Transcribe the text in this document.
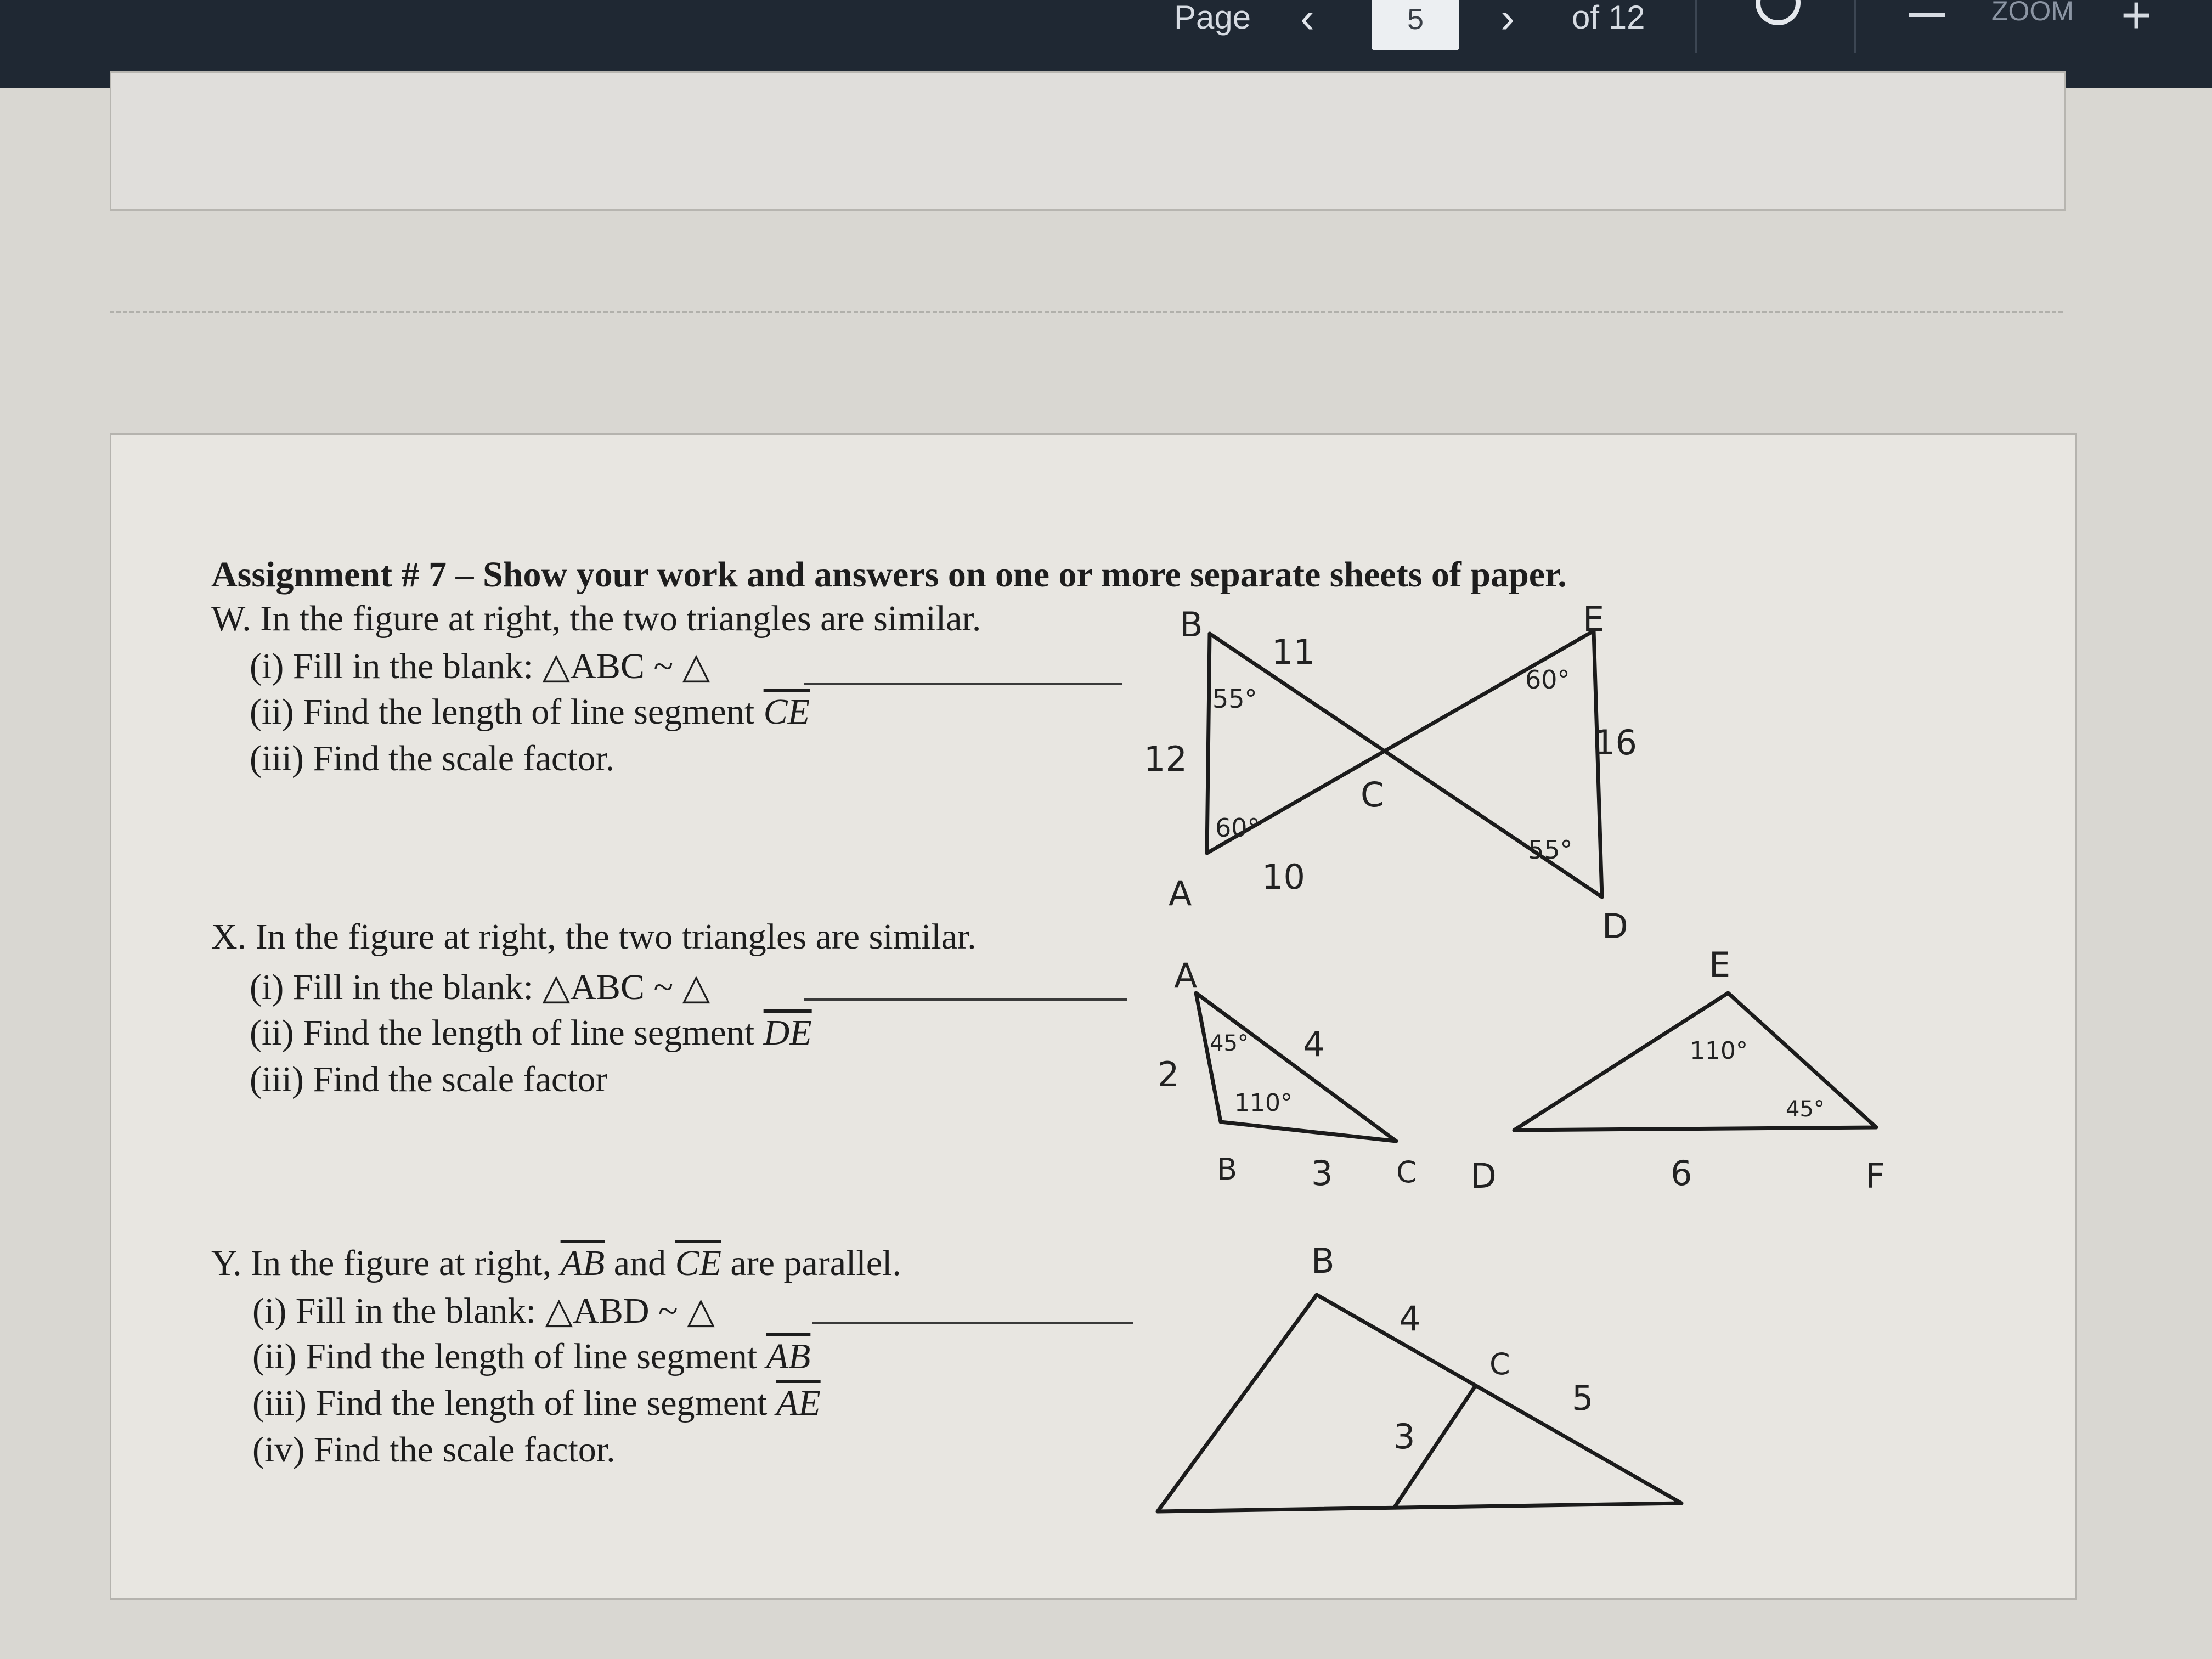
Page ‹	5	› of 12	ZOOM +
Assignment # 7 – Show your work and answers on one or more separate sheets of paper.
W. In the figure at right, the two triangles are similar.
(i) Fill in the blank: △ABC ~ △
(ii) Find the length of line segment $\overline{CE}$
(iii) Find the scale factor.
X. In the figure at right, the two triangles are similar.
(i) Fill in the blank: △ABC ~ △
(ii) Find the length of line segment $\overline{DE}$
(iii) Find the scale factor
Y. In the figure at right, $\overline{AB}$ and $\overline{CE}$ are parallel.
(i) Fill in the blank: △ABD ~ △
(ii) Find the length of line segment $\overline{AB}$
(iii) Find the length of line segment $\overline{AE}$
(iv) Find the scale factor.
B	E
A
C
D
11
12	16
10
55°
60°
60°
55°
A
B	C D
E
F
4
2
3	6
45°
110°
110°
45°
B
C
4
5
3
